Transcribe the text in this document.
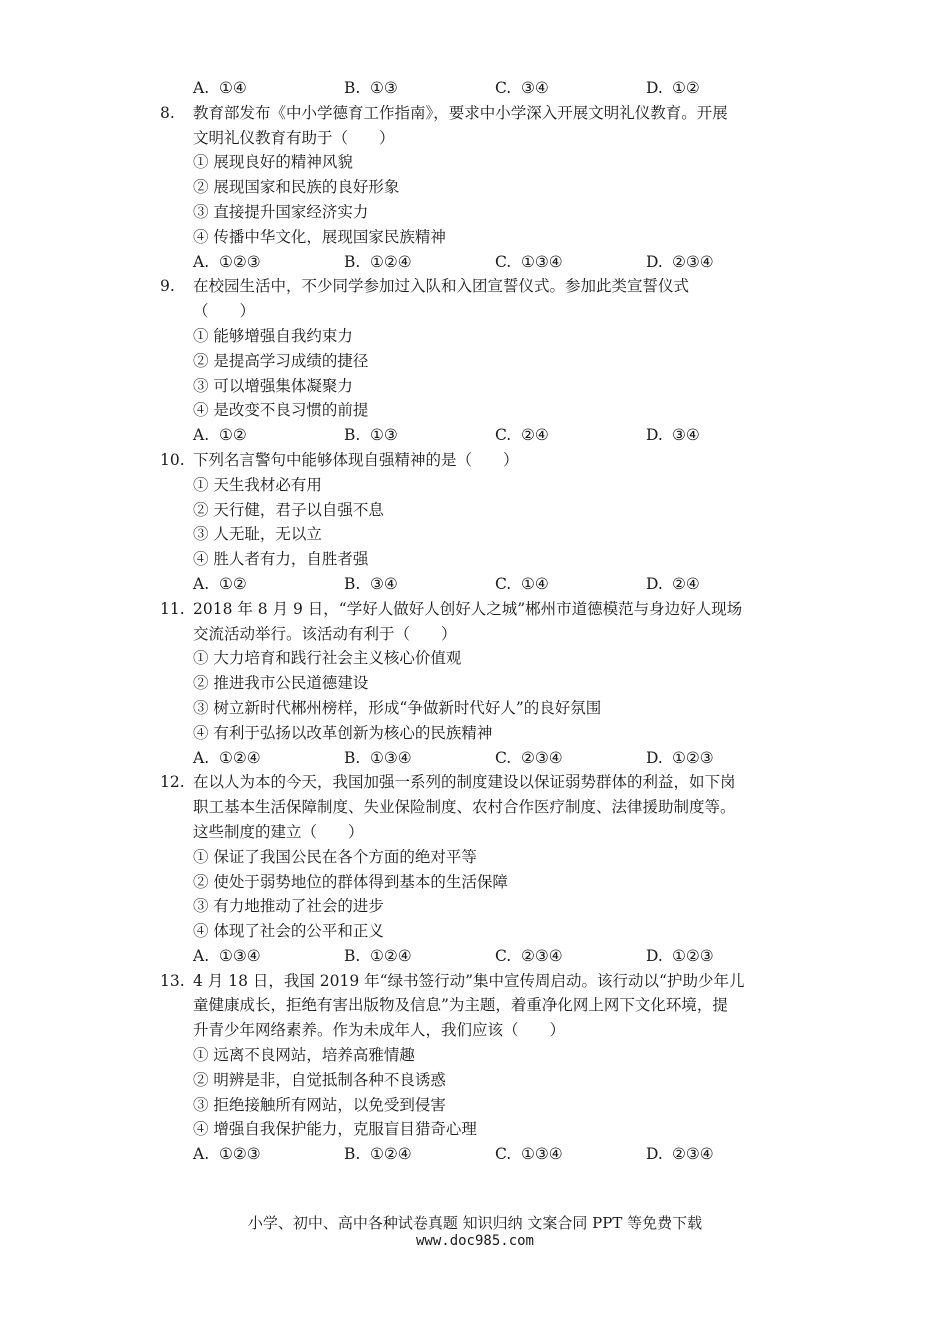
A. ①④	B. ①③	C. ③④	D. ①②
8.	教育部发布《中小学德育工作指南》，要求中小学深入开展文明礼仪教育。开展
文明礼仪教育有助于（　　）
① 展现良好的精神风貌
② 展现国家和民族的良好形象
③ 直接提升国家经济实力
④ 传播中华文化，展现国家民族精神
A. ①②③	B. ①②④	C. ①③④	D. ②③④
9.	在校园生活中，不少同学参加过入队和入团宣誓仪式。参加此类宣誓仪式
（　　）
① 能够增强自我约束力
② 是提高学习成绩的捷径
③ 可以增强集体凝聚力
④ 是改变不良习惯的前提
A. ①②	B. ①③	C. ②④	D. ③④
10. 下列名言警句中能够体现自强精神的是（　　）
① 天生我材必有用
② 天行健，君子以自强不息
③ 人无耻，无以立
④ 胜人者有力，自胜者强
A. ①②	B. ③④	C. ①④	D. ②④
11. 2018 年 8 月 9 日，“学好人做好人创好人之城”郴州市道德模范与身边好人现场
交流活动举行。该活动有利于（　　）
① 大力培育和践行社会主义核心价值观
② 推进我市公民道德建设
③ 树立新时代郴州榜样，形成“争做新时代好人”的良好氛围
④ 有利于弘扬以改革创新为核心的民族精神
A. ①②④	B. ①③④	C. ②③④	D. ①②③
12. 在以人为本的今天，我国加强一系列的制度建设以保证弱势群体的利益，如下岗
职工基本生活保障制度、失业保险制度、农村合作医疗制度、法律援助制度等。
这些制度的建立（　　）
① 保证了我国公民在各个方面的绝对平等
② 使处于弱势地位的群体得到基本的生活保障
③ 有力地推动了社会的进步
④ 体现了社会的公平和正义
A. ①③④	B. ①②④	C. ②③④	D. ①②③
13. 4 月 18 日，我国 2019 年“绿书签行动”集中宣传周启动。该行动以“护助少年儿
童健康成长，拒绝有害出版物及信息”为主题，着重净化网上网下文化环境，提
升青少年网络素养。作为未成年人，我们应该（　　）
① 远离不良网站，培养高雅情趣
② 明辨是非，自觉抵制各种不良诱惑
③ 拒绝接触所有网站，以免受到侵害
④ 增强自我保护能力，克服盲目猎奇心理
A. ①②③	B. ①②④	C. ①③④	D. ②③④
小学、初中、高中各种试卷真题 知识归纳 文案合同 PPT 等免费下载
www.doc985.com
